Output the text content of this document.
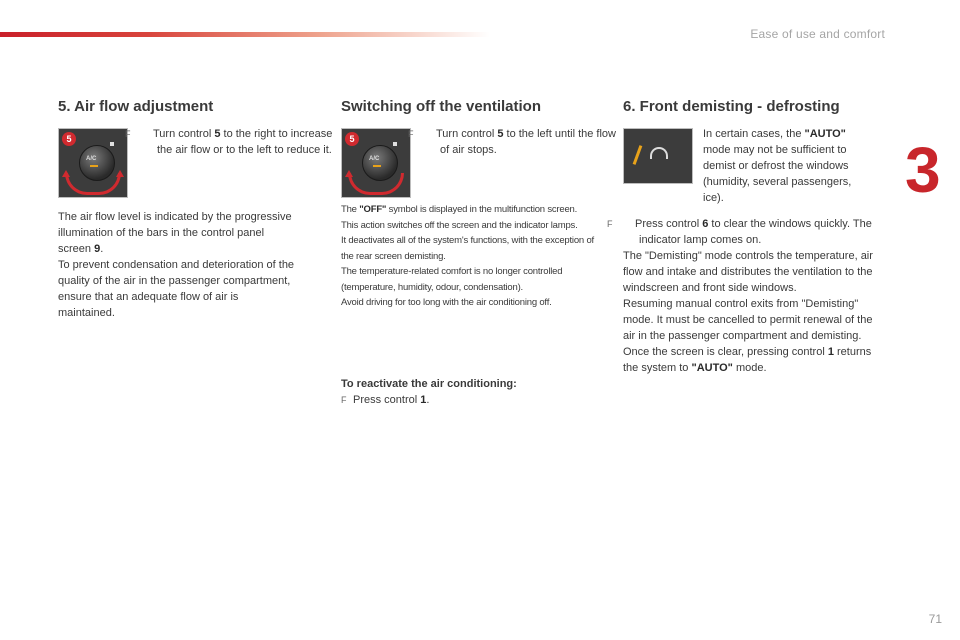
Ease of use and comfort
3
71
5. Air flow adjustment
A/C
5	F Turn control 5 to the right to increase the air flow or to the left to reduce it.

The air flow level is indicated by the progressive illumination of the bars in the control panel screen 9.

To prevent condensation and deterioration of the quality of the air in the passenger compartment, ensure that an adequate flow of air is maintained.

Switching off the ventilation
A/C
5	F Turn control 5 to the left until the flow of air stops.

The "OFF" symbol is displayed in the multifunction screen.

This action switches off the screen and the indicator lamps.

It deactivates all of the system's functions, with the exception of the rear screen demisting.

The temperature-related comfort is no longer controlled (temperature, humidity, odour, condensation).

Avoid driving for too long with the air conditioning off.

To reactivate the air conditioning:

F Press control 1.

6. Front demisting - defrosting
In certain cases, the "AUTO" mode may not be sufficient to demist or defrost the windows (humidity, several passengers, ice).
F Press control 6 to clear the windows quickly. The indicator lamp comes on.

The "Demisting" mode controls the temperature, air flow and intake and distributes the ventilation to the windscreen and front side windows.

Resuming manual control exits from "Demisting" mode. It must be cancelled to permit renewal of the air in the passenger compartment and demisting.

Once the screen is clear, pressing control 1 returns the system to "AUTO" mode.
